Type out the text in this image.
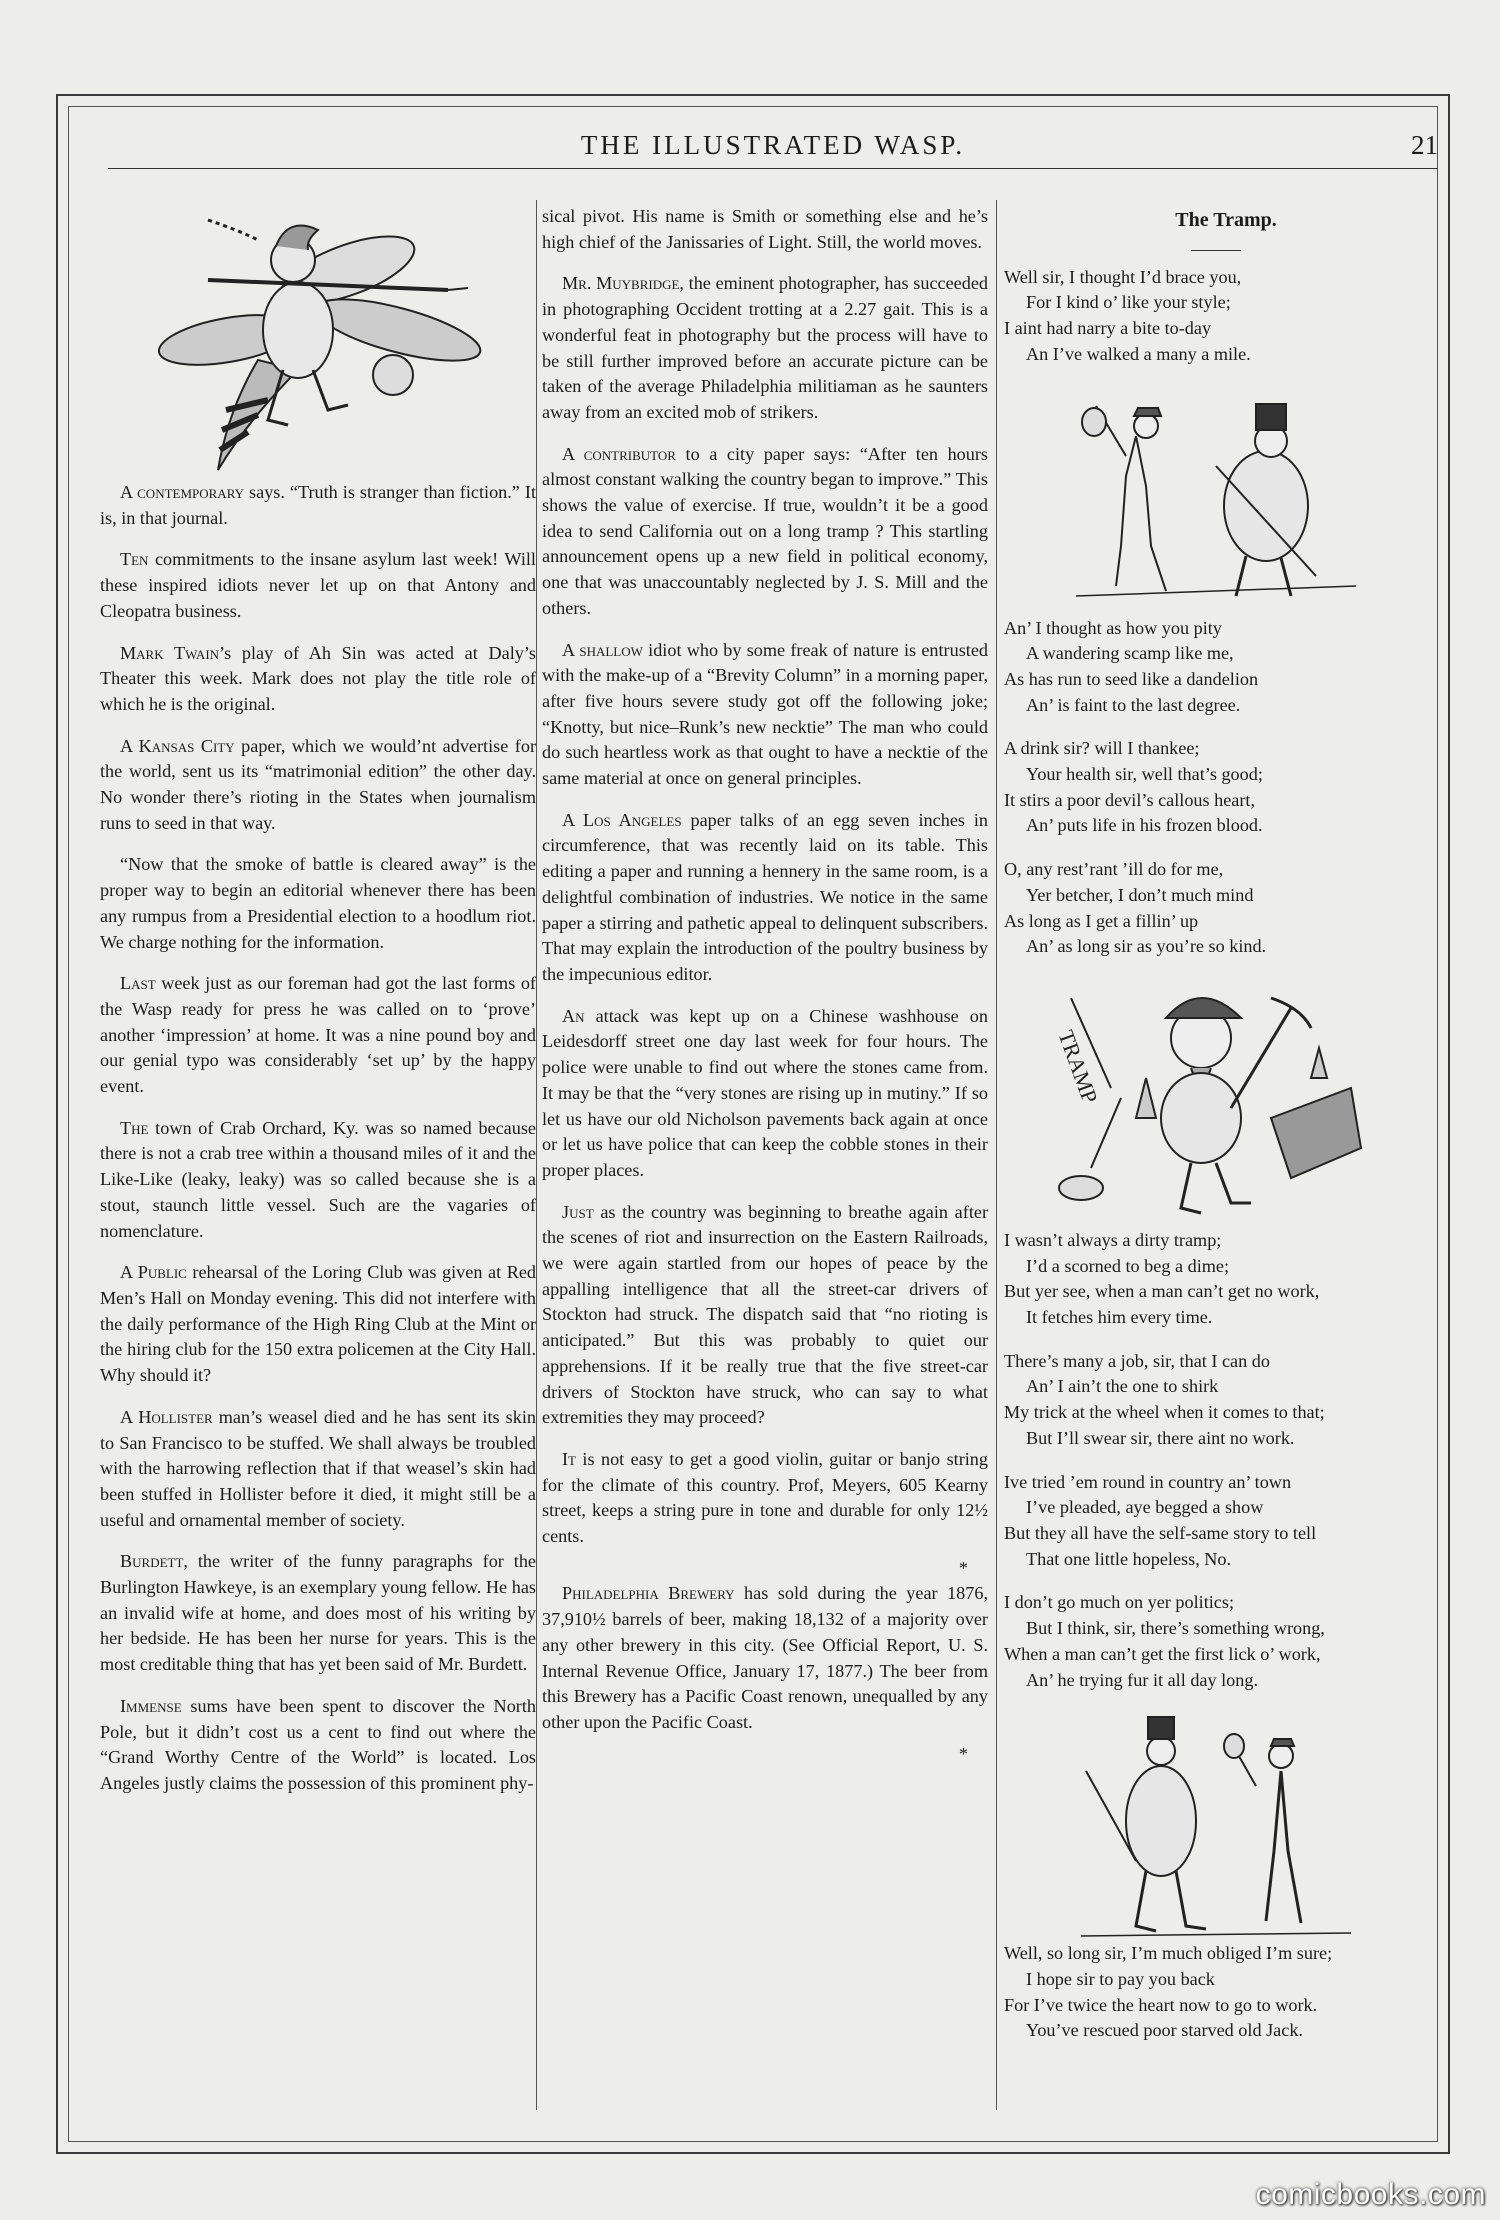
THE ILLUSTRATED WASP.	21

A contemporary says. “Truth is stranger than fiction.” It is, in that journal.

Ten commitments to the insane asylum last week! Will these inspired idiots never let up on that Antony and Cleopatra business.

Mark Twain’s play of Ah Sin was acted at Daly’s Theater this week. Mark does not play the title role of which he is the original.

A Kansas City paper, which we would’nt advertise for the world, sent us its “matrimonial edition” the other day. No wonder there’s rioting in the States when journalism runs to seed in that way.

“Now that the smoke of battle is cleared away” is the proper way to begin an editorial whenever there has been any rumpus from a Presidential election to a hoodlum riot. We charge nothing for the information.

Last week just as our foreman had got the last forms of the Wasp ready for press he was called on to ‘prove’ another ‘impression’ at home. It was a nine pound boy and our genial typo was considerably ‘set up’ by the happy event.

The town of Crab Orchard, Ky. was so named because there is not a crab tree within a thousand miles of it and the Like-Like (leaky, leaky) was so called because she is a stout, staunch little vessel. Such are the vagaries of nomenclature.

A Public rehearsal of the Loring Club was given at Red Men’s Hall on Monday evening. This did not interfere with the daily performance of the High Ring Club at the Mint or the hiring club for the 150 extra policemen at the City Hall. Why should it?

A Hollister man’s weasel died and he has sent its skin to San Francisco to be stuffed. We shall always be troubled with the harrowing reflection that if that weasel’s skin had been stuffed in Hollister before it died, it might still be a useful and ornamental member of society.

Burdett, the writer of the funny paragraphs for the Burlington Hawkeye, is an exemplary young fellow. He has an invalid wife at home, and does most of his writing by her bedside. He has been her nurse for years. This is the most creditable thing that has yet been said of Mr. Burdett.

Immense sums have been spent to discover the North Pole, but it didn’t cost us a cent to find out where the “Grand Worthy Centre of the World” is located. Los Angeles justly claims the possession of this prominent phy-

sical pivot. His name is Smith or something else and he’s high chief of the Janissaries of Light. Still, the world moves.

Mr. Muybridge, the eminent photographer, has succeeded in photographing Occident trotting at a 2.27 gait. This is a wonderful feat in photography but the process will have to be still further improved before an accurate picture can be taken of the average Philadelphia militiaman as he saunters away from an excited mob of strikers.

A contributor to a city paper says: “After ten hours almost constant walking the country began to improve.” This shows the value of exercise. If true, wouldn’t it be a good idea to send California out on a long tramp ? This startling announcement opens up a new field in political economy, one that was unaccountably neglected by J. S. Mill and the others.

A shallow idiot who by some freak of nature is entrusted with the make-up of a “Brevity Column” in a morning paper, after five hours severe study got off the following joke; “Knotty, but nice–Runk’s new necktie” The man who could do such heartless work as that ought to have a necktie of the same material at once on general principles.

A Los Angeles paper talks of an egg seven inches in circumference, that was recently laid on its table. This editing a paper and running a hennery in the same room, is a delightful combination of industries. We notice in the same paper a stirring and pathetic appeal to delinquent subscribers. That may explain the introduction of the poultry business by the impecunious editor.

An attack was kept up on a Chinese washhouse on Leidesdorff street one day last week for four hours. The police were unable to find out where the stones came from. It may be that the “very stones are rising up in mutiny.” If so let us have our old Nicholson pavements back again at once or let us have police that can keep the cobble stones in their proper places.

Just as the country was beginning to breathe again after the scenes of riot and insurrection on the Eastern Railroads, we were again startled from our hopes of peace by the appalling intelligence that all the street-car drivers of Stockton had struck. The dispatch said that “no rioting is anticipated.” But this was probably to quiet our apprehensions. If it be really true that the five street-car drivers of Stockton have struck, who can say to what extremities they may proceed?

It is not easy to get a good violin, guitar or banjo string for the climate of this country. Prof, Meyers, 605 Kearny street, keeps a string pure in tone and durable for only 12½ cents.

*

Philadelphia Brewery has sold during the year 1876, 37,910½ barrels of beer, making 18,132 of a majority over any other brewery in this city. (See Official Report, U. S. Internal Revenue Office, January 17, 1877.) The beer from this Brewery has a Pacific Coast renown, unequalled by any other upon the Pacific Coast.

*

The Tramp.

Well sir, I thought I’d brace you,
For I kind o’ like your style;
I aint had narry a bite to-day
An I’ve walked a many a mile.
An’ I thought as how you pity
A wandering scamp like me,
As has run to seed like a dandelion
An’ is faint to the last degree.
A drink sir? will I thankee;
Your health sir, well that’s good;
It stirs a poor devil’s callous heart,
An’ puts life in his frozen blood.
O, any rest’rant ’ill do for me,
Yer betcher, I don’t much mind
As long as I get a fillin’ up
An’ as long sir as you’re so kind.
TRAMP
I wasn’t always a dirty tramp;
I’d a scorned to beg a dime;
But yer see, when a man can’t get no work,
It fetches him every time.
There’s many a job, sir, that I can do
An’ I ain’t the one to shirk
My trick at the wheel when it comes to that;
But I’ll swear sir, there aint no work.
Ive tried ’em round in country an’ town
I’ve pleaded, aye begged a show
But they all have the self-same story to tell
That one little hopeless, No.
I don’t go much on yer politics;
But I think, sir, there’s something wrong,
When a man can’t get the first lick o’ work,
An’ he trying fur it all day long.
Well, so long sir, I’m much obliged I’m sure;
I hope sir to pay you back
For I’ve twice the heart now to go to work.
You’ve rescued poor starved old Jack.
comicbooks.com
